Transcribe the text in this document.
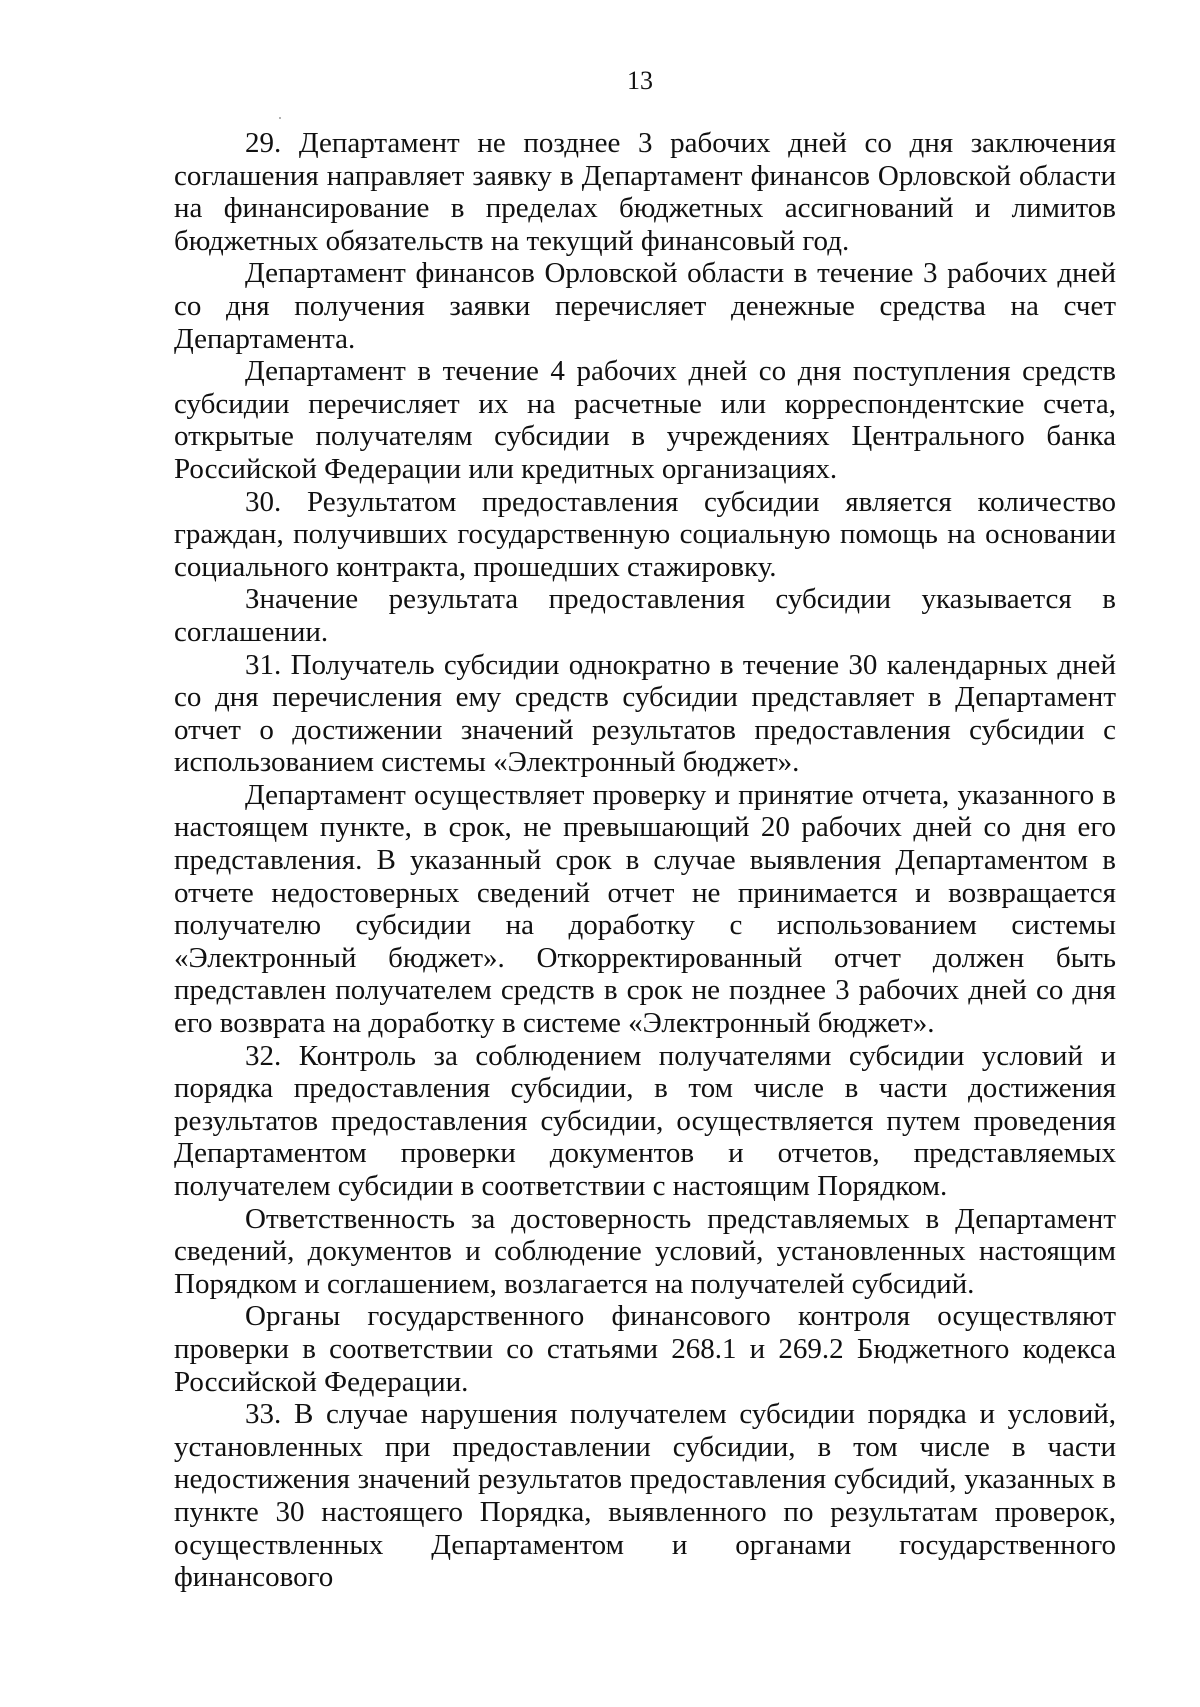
13

29. Департамент не позднее 3 рабочих дней со дня заключения соглашения направляет заявку в Департамент финансов Орловской области на финансирование в пределах бюджетных ассигнований и лимитов бюджетных обязательств на текущий финансовый год.

Департамент финансов Орловской области в течение 3 рабочих дней со дня получения заявки перечисляет денежные средства на счет Департамента.

Департамент в течение 4 рабочих дней со дня поступления средств субсидии перечисляет их на расчетные или корреспондентские счета, открытые получателям субсидии в учреждениях Центрального банка Российской Федерации или кредитных организациях.

30. Результатом предоставления субсидии является количество граждан, получивших государственную социальную помощь на основании социального контракта, прошедших стажировку.

Значение результата предоставления субсидии указывается в соглашении.

31. Получатель субсидии однократно в течение 30 календарных дней со дня перечисления ему средств субсидии представляет в Департамент отчет о достижении значений результатов предоставления субсидии с использованием системы «Электронный бюджет».

Департамент осуществляет проверку и принятие отчета, указанного в настоящем пункте, в срок, не превышающий 20 рабочих дней со дня его представления. В указанный срок в случае выявления Департаментом в отчете недостоверных сведений отчет не принимается и возвращается получателю субсидии на доработку с использованием системы «Электронный бюджет». Откорректированный отчет должен быть представлен получателем средств в срок не позднее 3 рабочих дней со дня его возврата на доработку в системе «Электронный бюджет».

32. Контроль за соблюдением получателями субсидии условий и порядка предоставления субсидии, в том числе в части достижения результатов предоставления субсидии, осуществляется путем проведения Департаментом проверки документов и отчетов, представляемых получателем субсидии в соответствии с настоящим Порядком.

Ответственность за достоверность представляемых в Департамент сведений, документов и соблюдение условий, установленных настоящим Порядком и соглашением, возлагается на получателей субсидий.

Органы государственного финансового контроля осуществляют проверки в соответствии со статьями 268.1 и 269.2 Бюджетного кодекса Российской Федерации.

33. В случае нарушения получателем субсидии порядка и условий, установленных при предоставлении субсидии, в том числе в части недостижения значений результатов предоставления субсидий, указанных в пункте 30 настоящего Порядка, выявленного по результатам проверок, осуществленных Департаментом и органами государственного финансового
